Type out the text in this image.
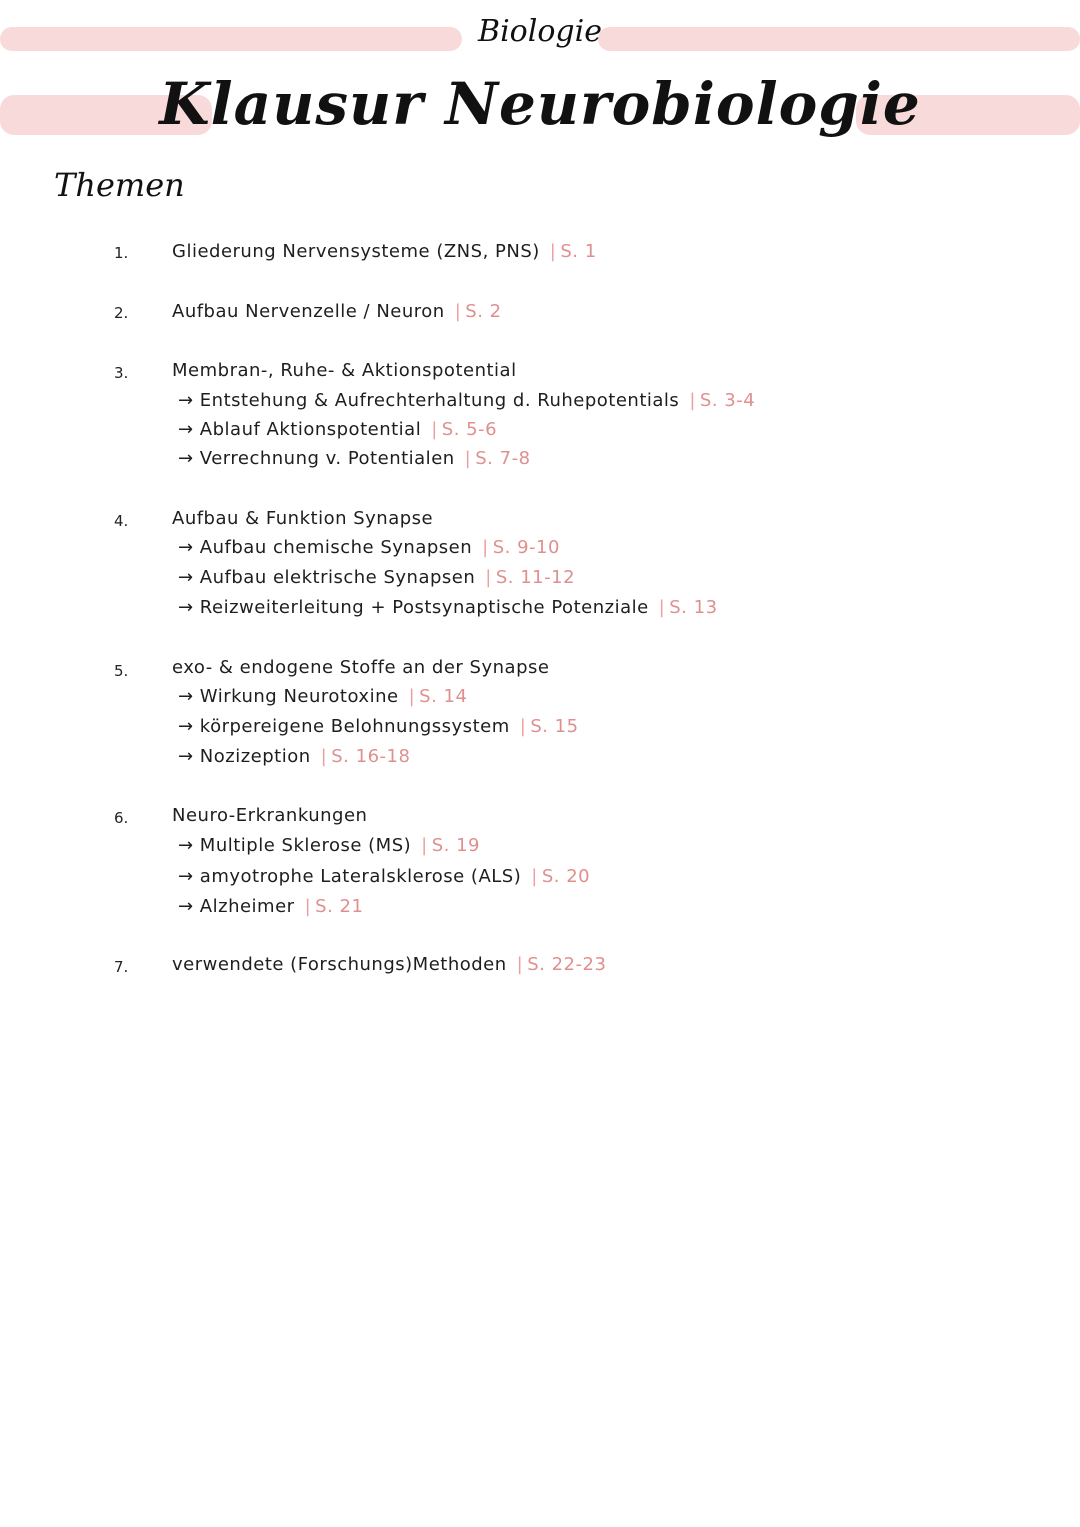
Biologie
Klausur Neurobiologie
Themen
1. Gliederung Nervensysteme (ZNS, PNS) | S. 1
2. Aufbau Nervenzelle / Neuron | S. 2
3. Membran-, Ruhe- & Aktionspotential
→ Entstehung & Aufrechterhaltung d. Ruhepotentials | S. 3-4
→ Ablauf Aktionspotential | S. 5-6
→ Verrechnung v. Potentialen | S. 7-8
4. Aufbau & Funktion Synapse
→ Aufbau chemische Synapsen | S. 9-10
→ Aufbau elektrische Synapsen | S. 11-12
→ Reizweiterleitung + Postsynaptische Potenziale | S. 13
5. exo- & endogene Stoffe an der Synapse
→ Wirkung Neurotoxine | S. 14
→ körpereigene Belohnungssystem | S. 15
→ Nozizeption | S. 16-18
6. Neuro-Erkrankungen
→ Multiple Sklerose (MS) | S. 19
→ amyotrophe Lateralsklerose (ALS) | S. 20
→ Alzheimer | S. 21
7. verwendete (Forschungs)Methoden | S. 22-23
